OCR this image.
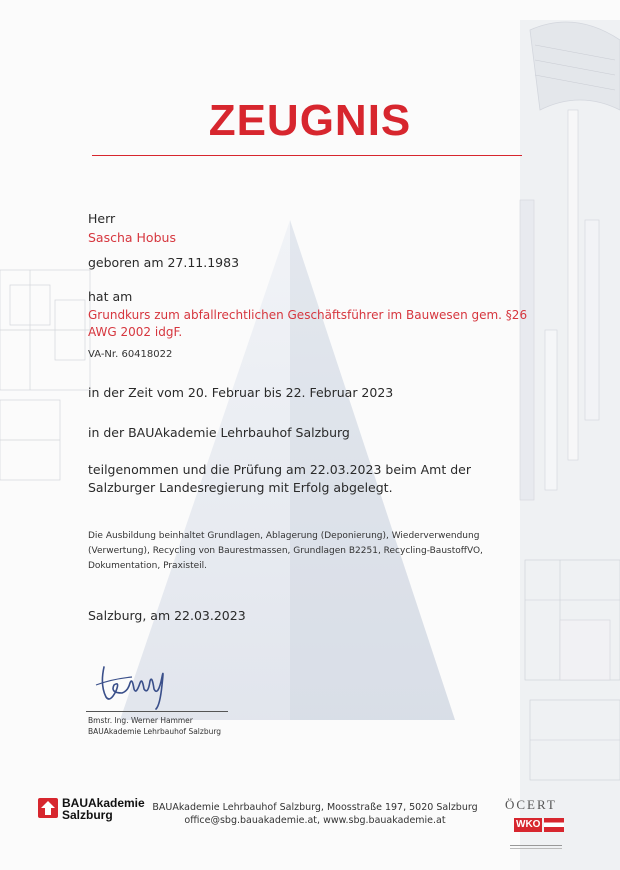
ZEUGNIS
Herr
Sascha Hobus
geboren am 27.11.1983
hat am
Grundkurs zum abfallrechtlichen Geschäftsführer im Bauwesen gem. §26
AWG 2002 idgF.
VA-Nr. 60418022
in der Zeit vom 20. Februar bis 22. Februar 2023
in der BAUAkademie Lehrbauhof Salzburg
teilgenommen und die Prüfung am 22.03.2023 beim Amt der
Salzburger Landesregierung mit Erfolg abgelegt.
Die Ausbildung beinhaltet Grundlagen, Ablagerung (Deponierung), Wiederverwendung
(Verwertung), Recycling von Baurestmassen, Grundlagen B2251, Recycling-BaustoffVO,
Dokumentation, Praxisteil.
Salzburg, am 22.03.2023
Bmstr. Ing. Werner Hammer
BAUAkademie Lehrbauhof Salzburg
BAUAkademie
Salzburg
BAUAkademie Lehrbauhof Salzburg, Moosstraße 197, 5020 Salzburg
office@sbg.bauakademie.at, www.sbg.bauakademie.at
ÖCERT
WKO
